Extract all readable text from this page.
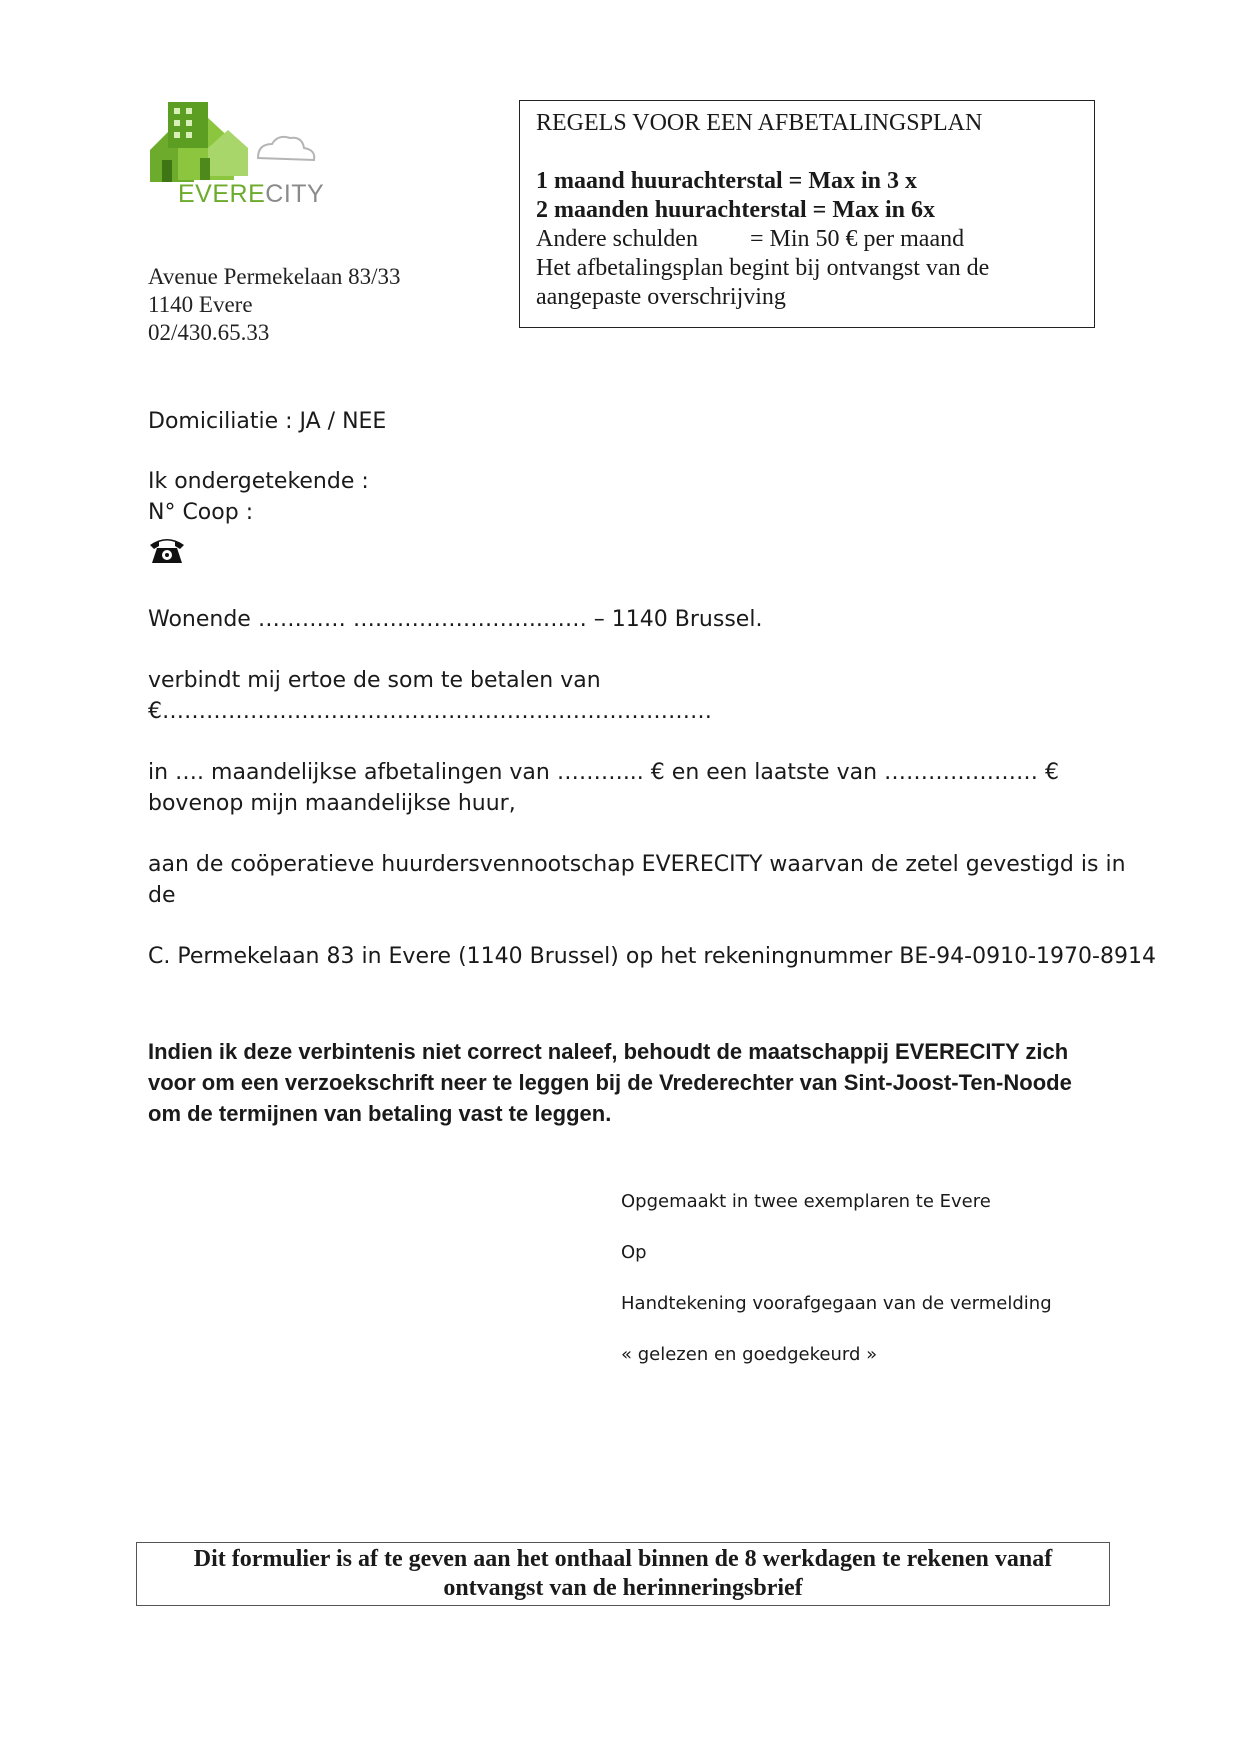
EVERECITY
Avenue Permekelaan 83/33
1140 Evere
02/430.65.33
REGELS VOOR EEN AFBETALINGSPLAN
1 maand huurachterstal = Max in 3 x
2 maanden huurachterstal = Max in 6x
Andere schulden = Min 50 € per maand
Het afbetalingsplan begint bij ontvangst van de
aangepaste overschrijving
Domiciliatie : JA / NEE
Ik ondergetekende :
N° Coop :
Wonende ………… ……………………..…… – 1140 Brussel.
verbindt mij ertoe de som te betalen van
€…………………………………………………………………
in …. maandelijkse afbetalingen van ………... € en een laatste van ………………… €
bovenop mijn maandelijkse huur,
aan de coöperatieve huurdersvennootschap EVERECITY waarvan de zetel gevestigd is in
de
C. Permekelaan 83 in Evere (1140 Brussel) op het rekeningnummer BE-94-0910-1970-8914
Indien ik deze verbintenis niet correct naleef, behoudt de maatschappij EVERECITY zich voor om een verzoekschrift neer te leggen bij de Vrederechter van Sint-Joost-Ten-Noode om de termijnen van betaling vast te leggen.
Opgemaakt in twee exemplaren te Evere
Op
Handtekening voorafgegaan van de vermelding
« gelezen en goedgekeurd »
Dit formulier is af te geven aan het onthaal binnen de 8 werkdagen te rekenen vanaf
ontvangst van de herinneringsbrief
